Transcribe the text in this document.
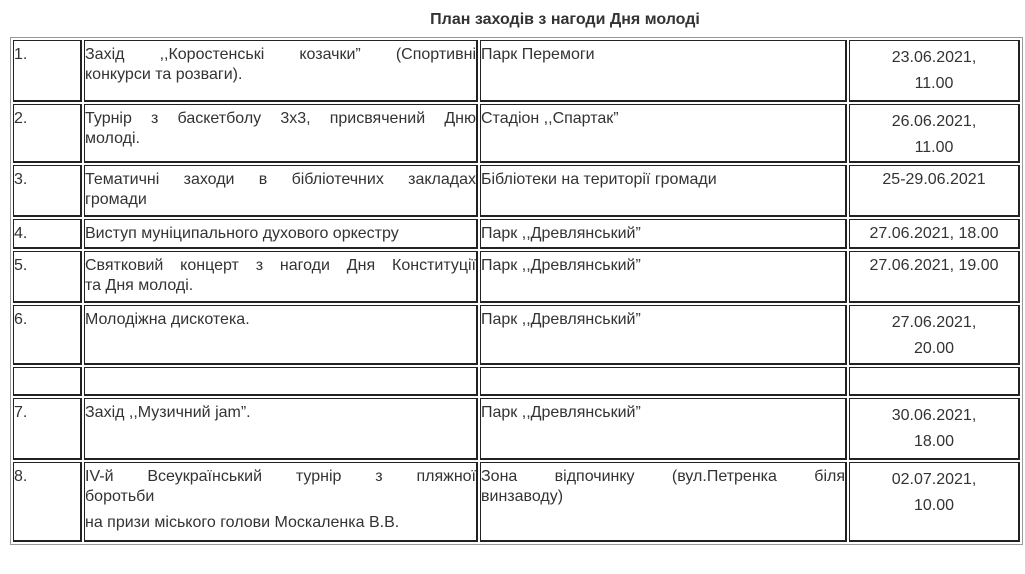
План заходів з нагоди Дня молоді
1.	Захід ,,Коростенські козачки” (Спортивні
конкурси та розваги).	Парк Перемоги	23.06.2021,
11.00

2.	Турнір з баскетболу 3х3, присвячений Дню
молоді.	Стадіон ,,Спартак”	26.06.2021,
11.00

3.	Тематичні заходи в бібліотечних закладах
громади	Бібліотеки на території громади	25-29.06.2021

4.	Виступ муніципального духового оркестру	Парк ,,Древлянський”	27.06.2021, 18.00

5.	Святковий концерт з нагоди Дня Конституції
та Дня молоді.	Парк ,,Древлянський”	27.06.2021, 19.00

6.	Молодіжна дискотека.	Парк ,,Древлянський”	27.06.2021,
20.00

7.	Захід ,,Музичний jam”.	Парк ,,Древлянський”	30.06.2021,
18.00

8.	IV-й Всеукраїнський турнір з пляжної
боротьби
на призи міського голови Москаленка В.В.	Зона відпочинку (вул.Петренка біля
винзаводу)	02.07.2021,
10.00
